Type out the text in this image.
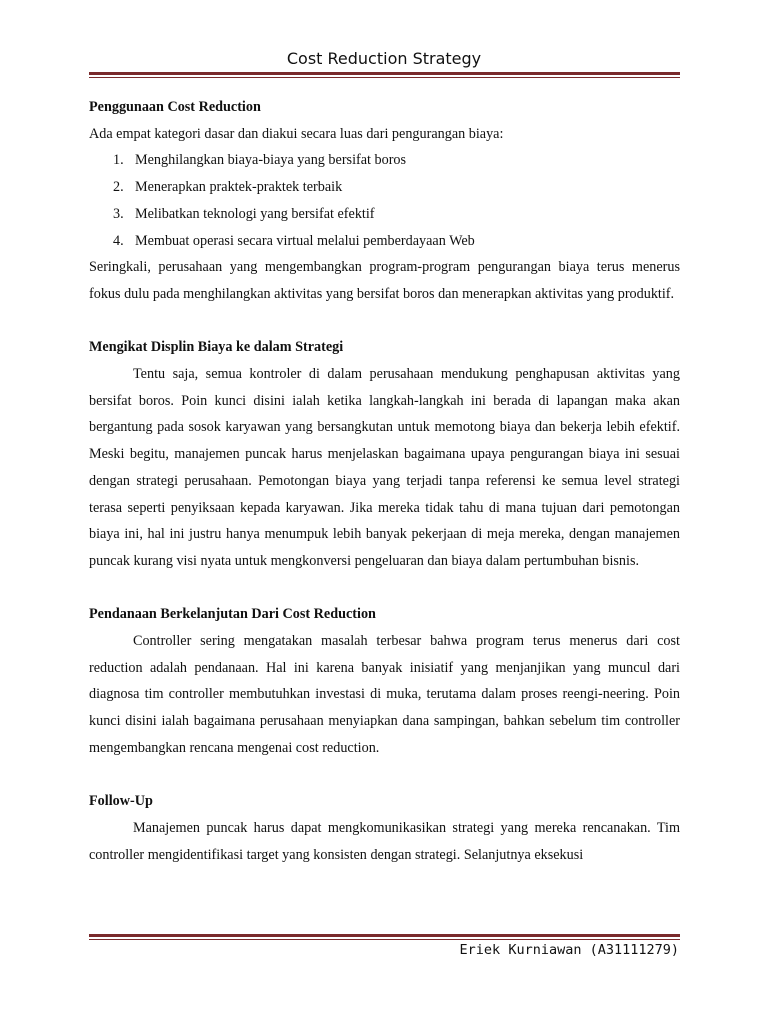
Cost Reduction Strategy
Penggunaan Cost Reduction
Ada empat kategori dasar dan diakui secara luas dari pengurangan biaya:
1. Menghilangkan biaya-biaya yang bersifat boros
2. Menerapkan praktek-praktek terbaik
3. Melibatkan teknologi yang bersifat efektif
4. Membuat operasi secara virtual melalui pemberdayaan Web
Seringkali, perusahaan yang mengembangkan program-program pengurangan biaya terus menerus fokus dulu pada menghilangkan aktivitas yang bersifat boros dan menerapkan aktivitas yang produktif.
Mengikat Displin Biaya ke dalam Strategi
Tentu saja, semua kontroler di dalam perusahaan mendukung penghapusan aktivitas yang bersifat boros. Poin kunci disini ialah ketika langkah-langkah ini berada di lapangan maka akan bergantung pada sosok karyawan yang bersangkutan untuk memotong biaya dan bekerja lebih efektif. Meski begitu, manajemen puncak harus menjelaskan bagaimana upaya pengurangan biaya ini sesuai dengan strategi perusahaan. Pemotongan biaya yang terjadi tanpa referensi ke semua level strategi terasa seperti penyiksaan kepada karyawan. Jika mereka tidak tahu di mana tujuan dari pemotongan biaya ini, hal ini justru hanya menumpuk lebih banyak pekerjaan di meja mereka, dengan manajemen puncak kurang visi nyata untuk mengkonversi pengeluaran dan biaya dalam pertumbuhan bisnis.
Pendanaan Berkelanjutan Dari Cost Reduction
Controller sering mengatakan masalah terbesar bahwa program terus menerus dari cost reduction adalah pendanaan. Hal ini karena banyak inisiatif yang menjanjikan yang muncul dari diagnosa tim controller membutuhkan investasi di muka, terutama dalam proses reengi-neering. Poin kunci disini ialah bagaimana perusahaan menyiapkan dana sampingan, bahkan sebelum tim controller mengembangkan rencana mengenai cost reduction.
Follow-Up
Manajemen puncak harus dapat mengkomunikasikan strategi yang mereka rencanakan. Tim controller mengidentifikasi target yang konsisten dengan strategi. Selanjutnya eksekusi
Eriek Kurniawan (A31111279)
